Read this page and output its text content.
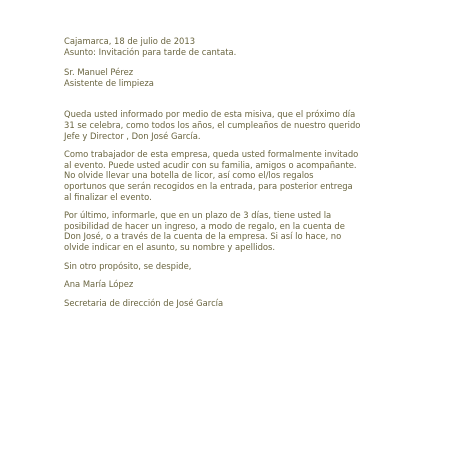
Cajamarca, 18 de julio de 2013
Asunto: Invitación para tarde de cantata.
Sr. Manuel Pérez
Asistente de limpieza
Queda usted informado por medio de esta misiva, que el próximo día
31 se celebra, como todos los años, el cumpleaños de nuestro querido
Jefe y Director , Don José García.
Como trabajador de esta empresa, queda usted formalmente invitado
al evento. Puede usted acudir con su familia, amigos o acompañante.
No olvide llevar una botella de licor, así como el/los regalos
oportunos que serán recogidos en la entrada, para posterior entrega
al finalizar el evento.
Por último, informarle, que en un plazo de 3 días, tiene usted la
posibilidad de hacer un ingreso, a modo de regalo, en la cuenta de
Don José, o a través de la cuenta de la empresa. Si así lo hace, no
olvide indicar en el asunto, su nombre y apellidos.
Sin otro propósito, se despide,
Ana María López
Secretaria de dirección de José García
